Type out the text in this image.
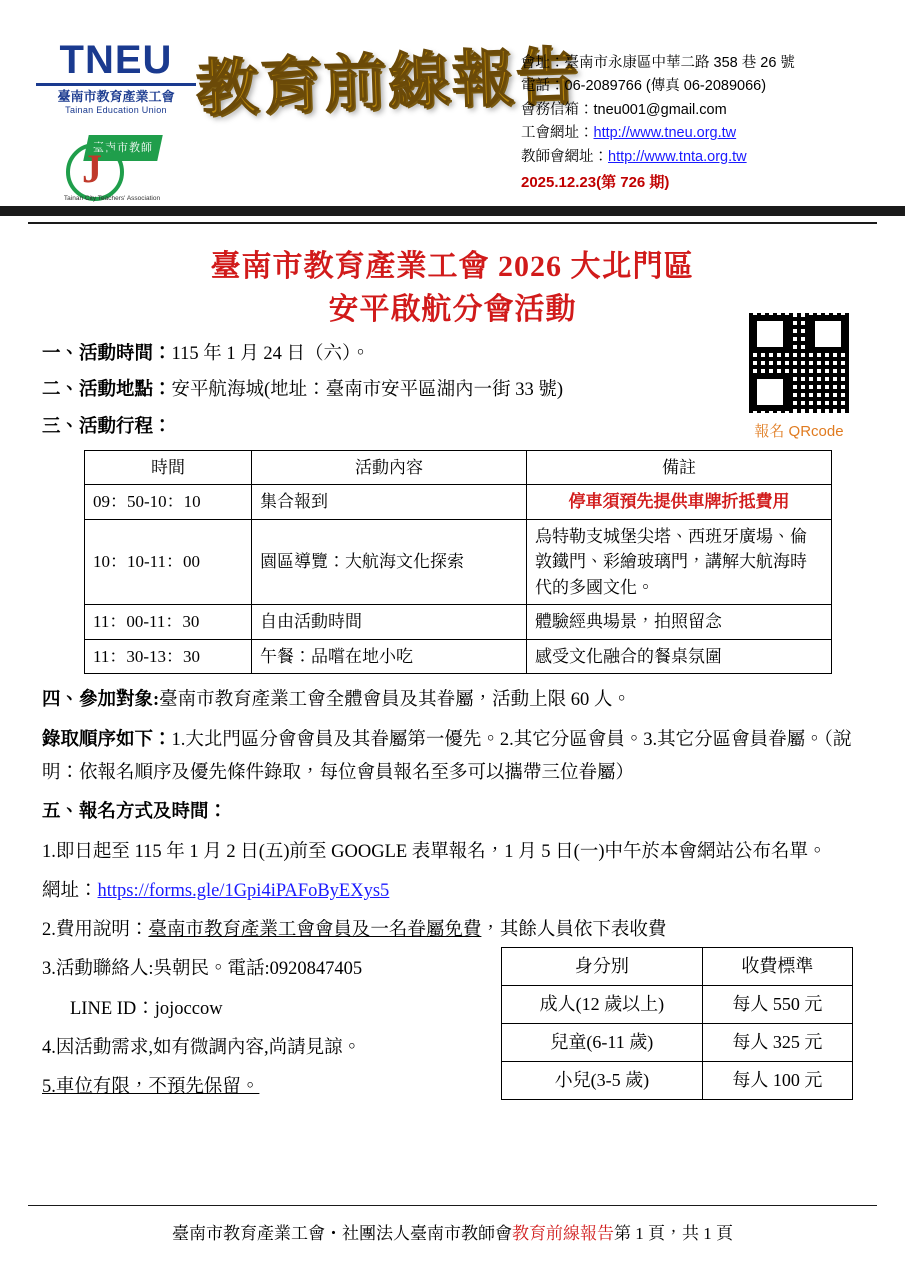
TNEU
臺南市教育產業工會
Tainan Education Union
臺南市教師
J
Tainan City Teachers' Association
教育前線報告
會址：臺南市永康區中華二路 358 巷 26 號
電話：06-2089766 (傳真 06-2089066)
會務信箱：tneu001@gmail.com
工會網址：http://www.tneu.org.tw
教師會網址：http://www.tnta.org.tw
2025.12.23(第 726 期)
臺南市教育產業工會 2026 大北門區
安平啟航分會活動
報名 QRcode
一、活動時間：115 年 1 月 24 日（六）。
二、活動地點：安平航海城(地址：臺南市安平區湖內一街 33 號)
三、活動行程：
時間	活動內容	備註
09：50-10：10	集合報到	停車須預先提供車牌折抵費用
10：10-11：00	園區導覽：大航海文化探索	烏特勒支城堡尖塔、西班牙廣場、倫敦鐵門、彩繪玻璃門，講解大航海時代的多國文化。
11：00-11：30	自由活動時間	體驗經典場景，拍照留念
11：30-13：30	午餐：品嚐在地小吃	感受文化融合的餐桌氛圍
四、參加對象:臺南市教育產業工會全體會員及其眷屬，活動上限 60 人。
錄取順序如下：1.大北門區分會會員及其眷屬第一優先。2.其它分區會員。3.其它分區會員眷屬。（說明：依報名順序及優先條件錄取，每位會員報名至多可以攜帶三位眷屬）
五、報名方式及時間：
1.即日起至 115 年 1 月 2 日(五)前至 GOOGLE 表單報名，1 月 5 日(一)中午於本會網站公布名單。
網址：https://forms.gle/1Gpi4iPAFoByEXys5
2.費用說明：臺南市教育產業工會會員及一名眷屬免費，其餘人員依下表收費
3.活動聯絡人:吳朝民。電話:0920847405
LINE ID：jojoccow
4.因活動需求,如有微調內容,尚請見諒。
5.車位有限，不預先保留。
身分別	收費標準
成人(12 歲以上)	每人 550 元
兒童(6-11 歲)	每人 325 元
小兒(3-5 歲)	每人 100 元
臺南市教育產業工會・社團法人臺南市教師會教育前線報告第 1 頁，共 1 頁
